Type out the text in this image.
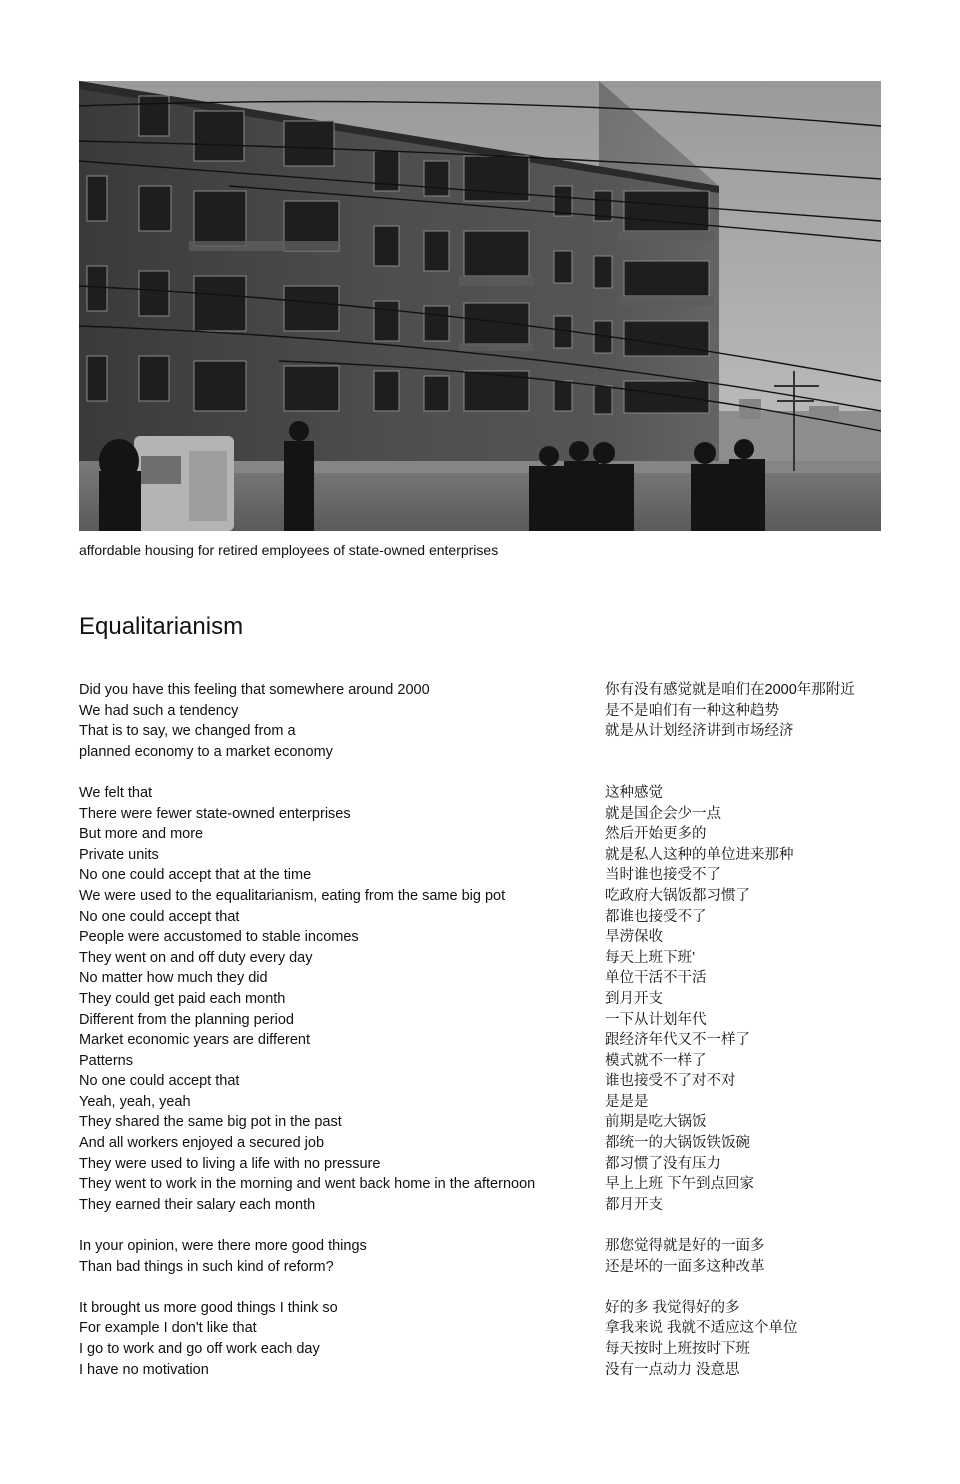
affordable housing for retired employees of state-owned enterprises
Equalitarianism
Did you have this feeling that somewhere around 2000
We had such a tendency
That is to say, we changed from a
planned economy to a market economy
你有没有感觉就是咱们在2000年那附近
是不是咱们有一种这种趋势
就是从计划经济讲到市场经济
We felt that
There were fewer state-owned enterprises
But more and more
Private units
No one could accept that at the time
We were used to the equalitarianism, eating from the same big pot
No one could accept that
People were accustomed to stable incomes
They went on and off duty every day
No matter how much they did
They could get paid each month
Different from the planning period
Market economic years are different
Patterns
No one could accept that
Yeah, yeah, yeah
They shared the same big pot in the past
And all workers enjoyed a secured job
They were used to living a life with no pressure
They went to work in the morning and went back home in the afternoon
They earned their salary each month
这种感觉
就是国企会少一点
然后开始更多的
就是私人这种的单位进来那种
当时谁也接受不了
吃政府大锅饭都习惯了
都谁也接受不了
旱涝保收
每天上班下班’
单位干活不干活
到月开支
一下从计划年代
跟经济年代又不一样了
模式就不一样了
谁也接受不了对不对
是是是
前期是吃大锅饭
都统一的大锅饭铁饭碗
都习惯了没有压力
早上上班 下午到点回家
都月开支
In your opinion, were there more good things
Than bad things in such kind of reform?
那您觉得就是好的一面多
还是坏的一面多这种改革
It brought us more good things I think so
For example I don't like that
I go to work and go off work each day
I have no motivation
好的多 我觉得好的多
拿我来说 我就不适应这个单位
每天按时上班按时下班
没有一点动力 没意思
